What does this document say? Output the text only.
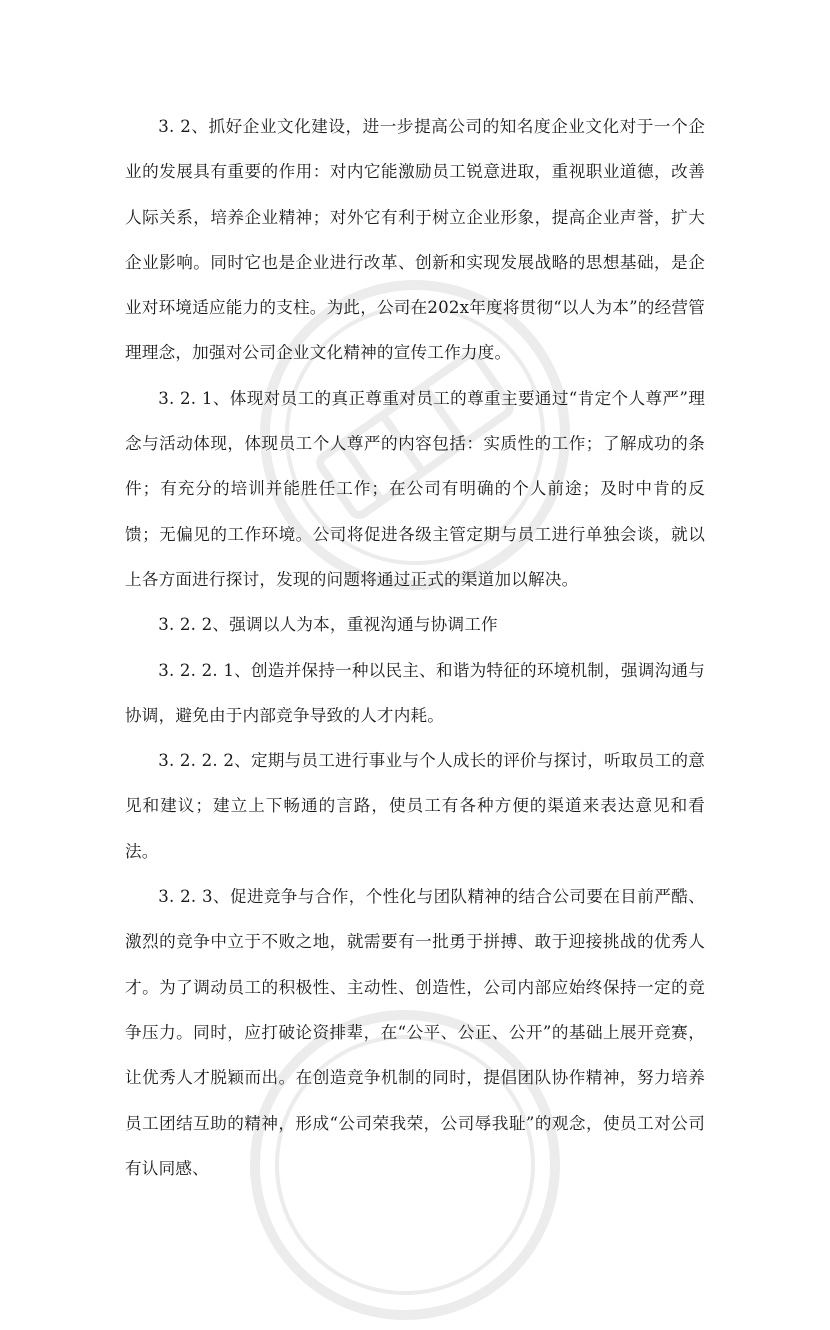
3. 2、抓好企业文化建设，进一步提高公司的知名度企业文化对于一个企业的发展具有重要的作用：对内它能激励员工锐意进取，重视职业道德，改善人际关系，培养企业精神；对外它有利于树立企业形象，提高企业声誉，扩大企业影响。同时它也是企业进行改革、创新和实现发展战略的思想基础，是企业对环境适应能力的支柱。为此，公司在202x年度将贯彻“以人为本”的经营管理理念，加强对公司企业文化精神的宣传工作力度。

3. 2. 1、体现对员工的真正尊重对员工的尊重主要通过“肯定个人尊严”理念与活动体现，体现员工个人尊严的内容包括：实质性的工作；了解成功的条件；有充分的培训并能胜任工作；在公司有明确的个人前途；及时中肯的反馈；无偏见的工作环境。公司将促进各级主管定期与员工进行单独会谈，就以上各方面进行探讨，发现的问题将通过正式的渠道加以解决。

3. 2. 2、强调以人为本，重视沟通与协调工作

3. 2. 2. 1、创造并保持一种以民主、和谐为特征的环境机制，强调沟通与协调，避免由于内部竞争导致的人才内耗。

3. 2. 2. 2、定期与员工进行事业与个人成长的评价与探讨，听取员工的意见和建议；建立上下畅通的言路，使员工有各种方便的渠道来表达意见和看法。

3. 2. 3、促进竞争与合作，个性化与团队精神的结合公司要在目前严酷、激烈的竞争中立于不败之地，就需要有一批勇于拼搏、敢于迎接挑战的优秀人才。为了调动员工的积极性、主动性、创造性，公司内部应始终保持一定的竞争压力。同时，应打破论资排辈，在“公平、公正、公开”的基础上展开竞赛，让优秀人才脱颖而出。在创造竞争机制的同时，提倡团队协作精神，努力培养员工团结互助的精神，形成“公司荣我荣，公司辱我耻”的观念，使员工对公司有认同感、
